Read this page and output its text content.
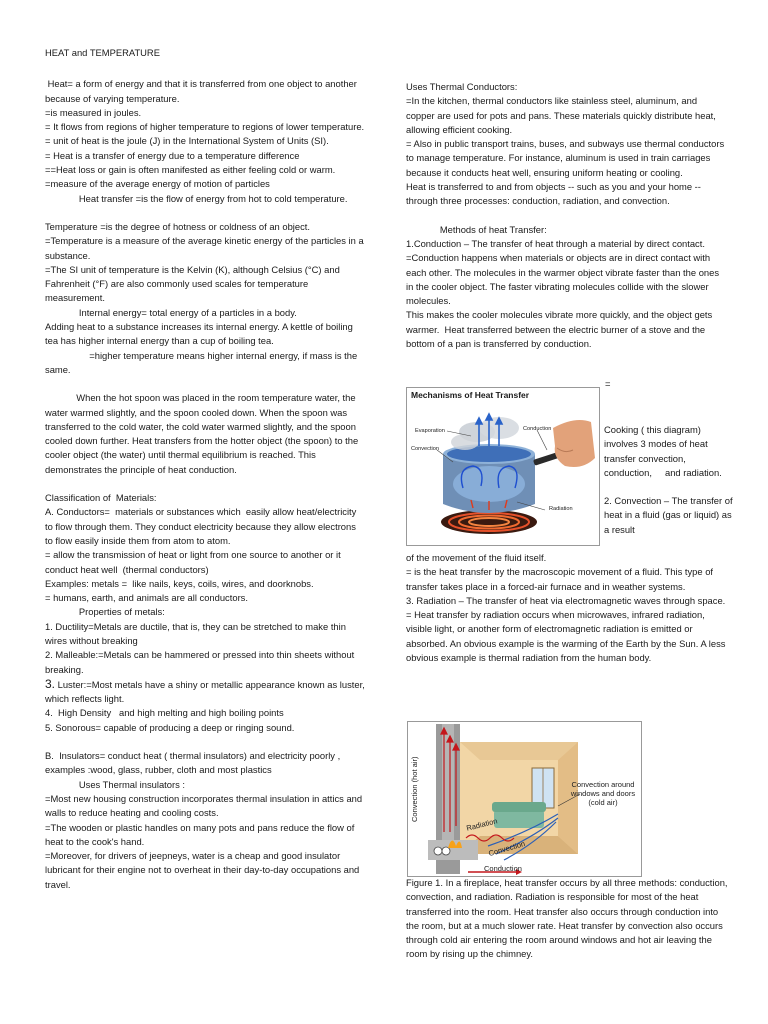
HEAT and TEMPERATURE

Heat= a form of energy and that it is transferred from one object to another because of varying temperature.

=is measured in joules.

= It flows from regions of higher temperature to regions of lower temperature.

= unit of heat is the joule (J) in the International System of Units (SI).

= Heat is a transfer of energy due to a temperature difference

==Heat loss or gain is often manifested as either feeling cold or warm.

=measure of the average energy of motion of particles

Heat transfer =is the flow of energy from hot to cold temperature.

Temperature =is the degree of hotness or coldness of an object.

=Temperature is a measure of the average kinetic energy of the particles in a substance.

=The SI unit of temperature is the Kelvin (K), although Celsius (°C) and Fahrenheit (°F) are also commonly used scales for temperature measurement.

Internal energy= total energy of a particles in a body.

Adding heat to a substance increases its internal energy. A kettle of boiling tea has higher internal energy than a cup of boiling tea.

=higher temperature means higher internal energy, if mass is the same.

When the hot spoon was placed in the room temperature water, the water warmed slightly, and the spoon cooled down. When the spoon was transferred to the cold water, the cold water warmed slightly, and the spoon cooled down further. Heat transfers from the hotter object (the spoon) to the cooler object (the water) until thermal equilibrium is reached. This demonstrates the principle of heat conduction.

Classification of  Materials:

A. Conductors=  materials or substances which  easily allow heat/electricity to flow through them. They conduct electricity because they allow electrons to flow easily inside them from atom to atom.

= allow the transmission of heat or light from one source to another or it conduct heat well  (thermal conductors)

Examples: metals =  like nails, keys, coils, wires, and doorknobs.

= humans, earth, and animals are all conductors.

Properties of metals:

1. Ductility=Metals are ductile, that is, they can be stretched to make thin wires without breaking

2. Malleable:=Metals can be hammered or pressed into thin sheets without breaking.

3. Luster:=Most metals have a shiny or metallic appearance known as luster, which reflects light.

4.  High Density   and high melting and high boiling points

5. Sonorous= capable of producing a deep or ringing sound.

B.  Insulators= conduct heat ( thermal insulators) and electricity poorly , examples :wood, glass, rubber, cloth and most plastics

Uses Thermal insulators :

=Most new housing construction incorporates thermal insulation in attics and walls to reduce heating and cooling costs.

=The wooden or plastic handles on many pots and pans reduce the flow of heat to the cook's hand.

=Moreover, for drivers of jeepneys, water is a cheap and good insulator lubricant for their engine not to overheat in their day-to-day occupations and travel.

Uses Thermal Conductors:

=In the kitchen, thermal conductors like stainless steel, aluminum, and copper are used for pots and pans. These materials quickly distribute heat, allowing efficient cooking.

= Also in public transport trains, buses, and subways use thermal conductors to manage temperature. For instance, aluminum is used in train carriages because it conducts heat well, ensuring uniform heating or cooling.

Heat is transferred to and from objects -- such as you and your home -- through three processes: conduction, radiation, and convection.

Methods of heat Transfer:

1.Conduction – The transfer of heat through a material by direct contact.

=Conduction happens when materials or objects are in direct contact with each other. The molecules in the warmer object vibrate faster than the ones in the cooler object. The faster vibrating molecules collide with the slower molecules.

This makes the cooler molecules vibrate more quickly, and the object gets warmer.  Heat transferred between the electric burner of a stove and the bottom of a pan is transferred by conduction.

=
Mechanisms of Heat Transfer
Evaporation	Conduction
Convection
Radiation

Cooking ( this diagram) involves 3 modes of heat transfer convection, conduction,     and radiation.

2. Convection – The transfer of heat in a fluid (gas or liquid) as a result

of the movement of the fluid itself.

= is the heat transfer by the macroscopic movement of a fluid. This type of transfer takes place in a forced-air furnace and in weather systems.

3. Radiation – The transfer of heat via electromagnetic waves through space.

= Heat transfer by radiation occurs when microwaves, infrared radiation, visible light, or another form of electromagnetic radiation is emitted or absorbed. An obvious example is the warming of the Earth by the Sun. A less obvious example is thermal radiation from the human body.

Convection (hot air)	Convection around windows and doors (cold air)
Radiation
Convection
Conduction

Figure 1. In a fireplace, heat transfer occurs by all three methods: conduction, convection, and radiation. Radiation is responsible for most of the heat transferred into the room. Heat transfer also occurs through conduction into the room, but at a much slower rate. Heat transfer by convection also occurs through cold air entering the room around windows and hot air leaving the room by rising up the chimney.
